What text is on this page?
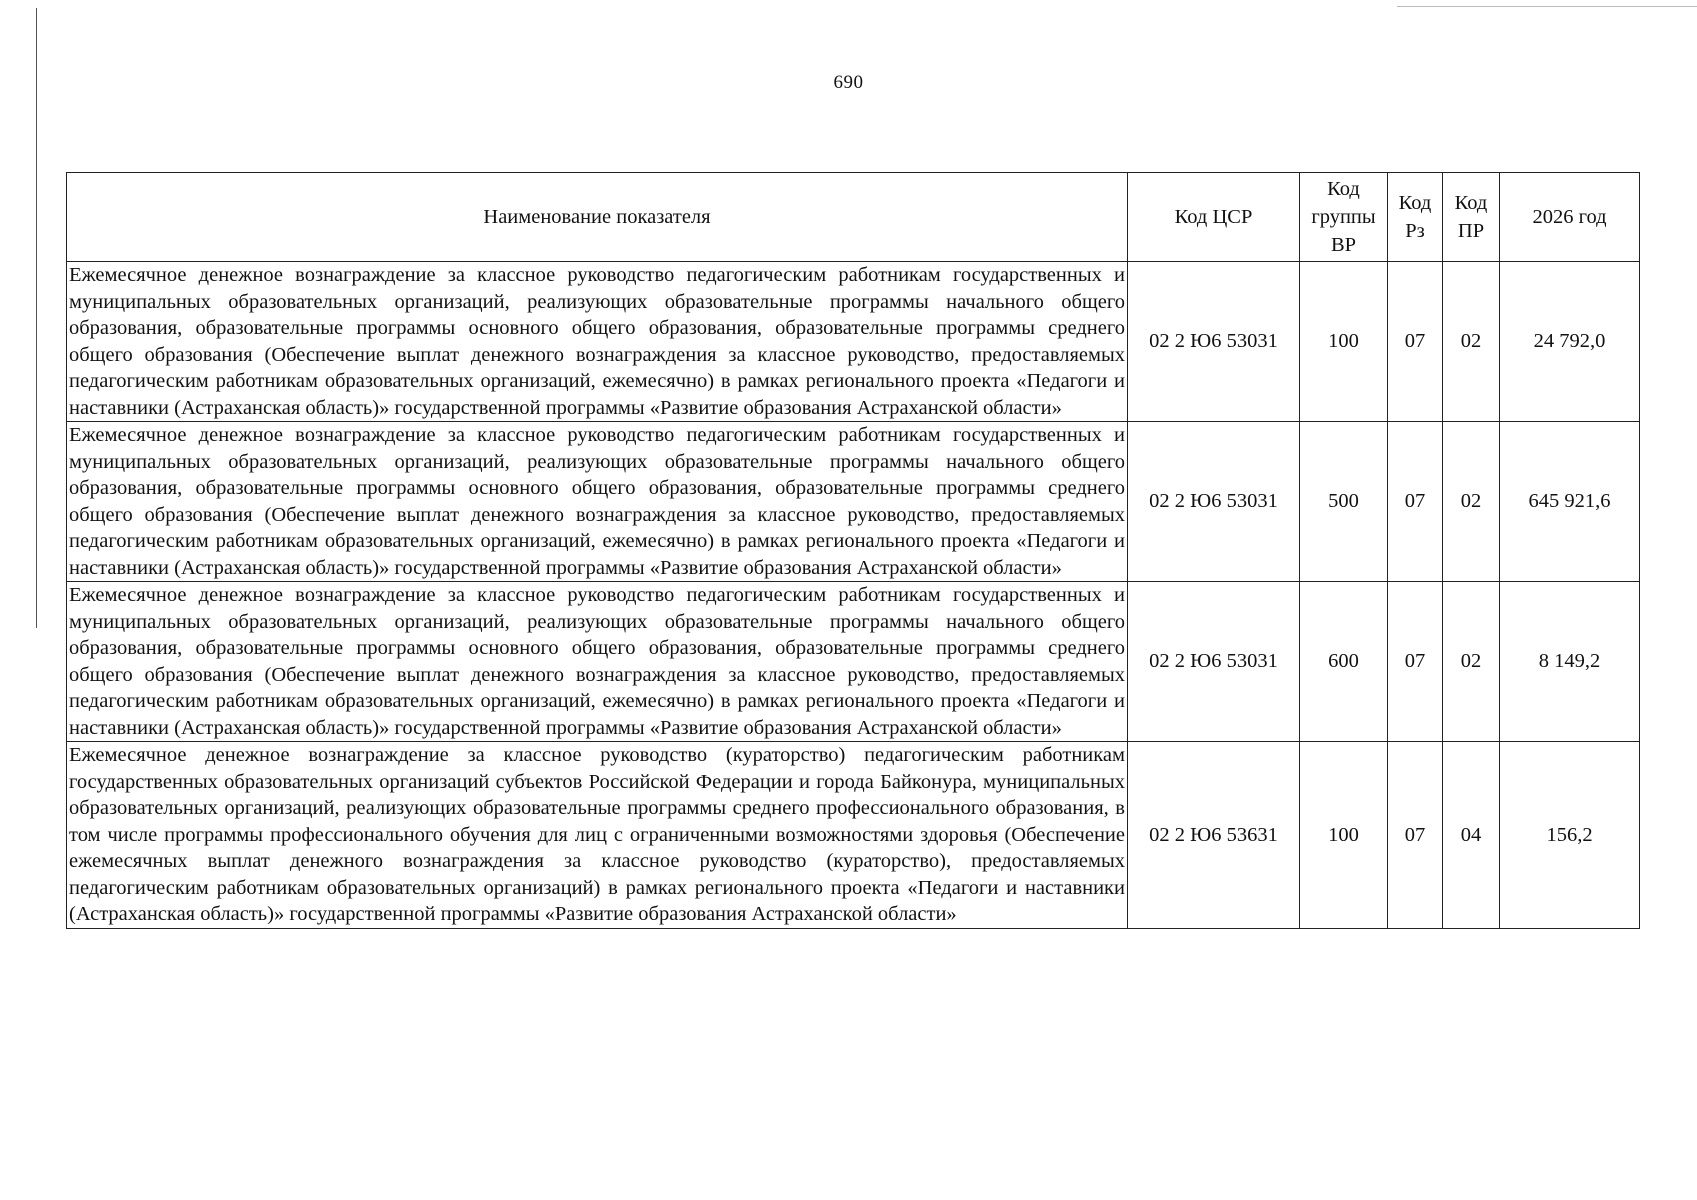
690
Наименование показателя	Код ЦСР	Код группы ВР	Код Рз	Код ПР	2026 год
Ежемесячное денежное вознаграждение за классное руководство педагогическим работникам государственных и муниципальных образовательных организаций, реализующих образовательные программы начального общего образования, образовательные программы основного общего образования, образовательные программы среднего общего образования (Обеспечение выплат денежного вознаграждения за классное руководство, предоставляемых педагогическим работникам образовательных организаций, ежемесячно) в рамках регионального проекта «Педагоги и наставники (Астраханская область)» государственной программы «Развитие образования Астраханской области»	02 2 Ю6 53031	100	07	02	24 792,0
Ежемесячное денежное вознаграждение за классное руководство педагогическим работникам государственных и муниципальных образовательных организаций, реализующих образовательные программы начального общего образования, образовательные программы основного общего образования, образовательные программы среднего общего образования (Обеспечение выплат денежного вознаграждения за классное руководство, предоставляемых педагогическим работникам образовательных организаций, ежемесячно) в рамках регионального проекта «Педагоги и наставники (Астраханская область)» государственной программы «Развитие образования Астраханской области»	02 2 Ю6 53031	500	07	02	645 921,6
Ежемесячное денежное вознаграждение за классное руководство педагогическим работникам государственных и муниципальных образовательных организаций, реализующих образовательные программы начального общего образования, образовательные программы основного общего образования, образовательные программы среднего общего образования (Обеспечение выплат денежного вознаграждения за классное руководство, предоставляемых педагогическим работникам образовательных организаций, ежемесячно) в рамках регионального проекта «Педагоги и наставники (Астраханская область)» государственной программы «Развитие образования Астраханской области»	02 2 Ю6 53031	600	07	02	8 149,2
Ежемесячное денежное вознаграждение за классное руководство (кураторство) педагогическим работникам государственных образовательных организаций субъектов Российской Федерации и города Байконура, муниципальных образовательных организаций, реализующих образовательные программы среднего профессионального образования, в том числе программы профессионального обучения для лиц с ограниченными возможностями здоровья (Обеспечение ежемесячных выплат денежного вознаграждения за классное руководство (кураторство), предоставляемых педагогическим работникам образовательных организаций) в рамках регионального проекта «Педагоги и наставники (Астраханская область)» государственной программы «Развитие образования Астраханской области»	02 2 Ю6 53631	100	07	04	156,2
